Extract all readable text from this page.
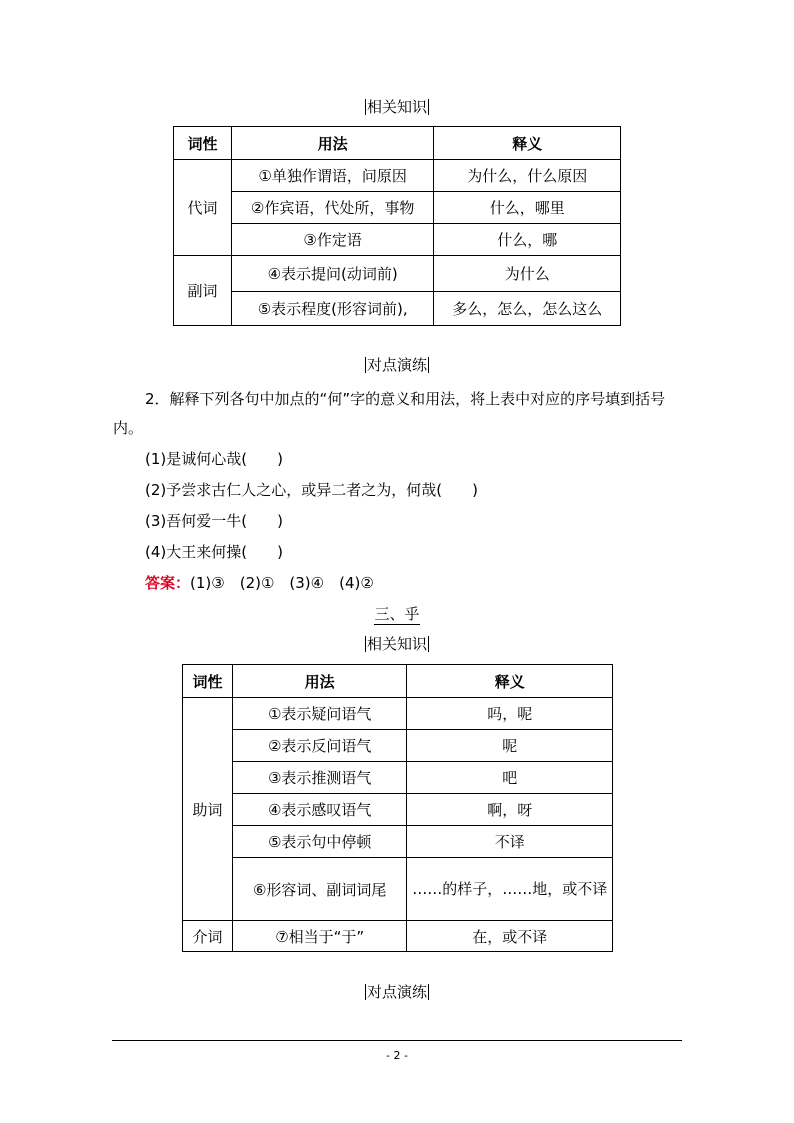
相关知识
词性	用法	释义
代词	①单独作谓语，问原因	为什么，什么原因
	②作宾语，代处所，事物	什么，哪里
	③作定语	什么，哪
副词	④表示提问(动词前)	为什么
	⑤表示程度(形容词前),	多么，怎么，怎么这么
对点演练
2．解释下列各句中加点的“何”字的意义和用法，将上表中对应的序号填到括号内。
(1)是诚何心哉(　　)
(2)予尝求古仁人之心，或异二者之为，何哉(　　)
(3)吾何爱一牛(　　)
(4)大王来何操(　　)
答案：(1)③　(2)①　(3)④　(4)②
三、乎
相关知识
词性	用法	释义
助词	①表示疑问语气	吗，呢
	②表示反问语气	呢
	③表示推测语气	吧
	④表示感叹语气	啊，呀
	⑤表示句中停顿	不译
	⑥形容词、副词词尾	……的样子，……地，或不译
介词	⑦相当于“于”	在，或不译
对点演练
- 2 -
